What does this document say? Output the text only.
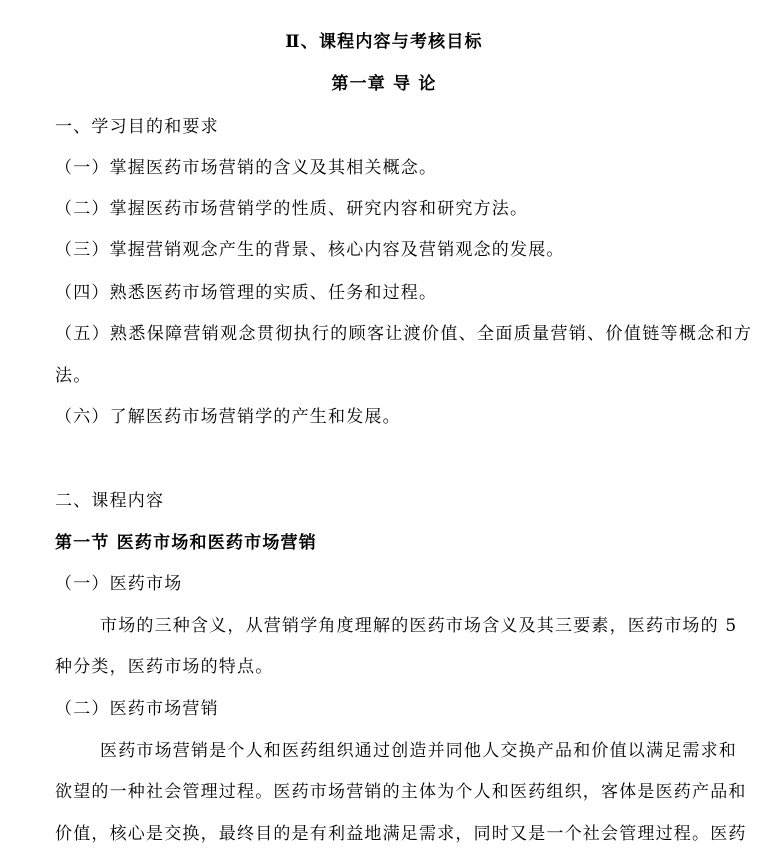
Ⅱ、课程内容与考核目标
第一章 导 论
一、学习目的和要求
（一）掌握医药市场营销的含义及其相关概念。
（二）掌握医药市场营销学的性质、研究内容和研究方法。
（三）掌握营销观念产生的背景、核心内容及营销观念的发展。
（四）熟悉医药市场管理的实质、任务和过程。
（五）熟悉保障营销观念贯彻执行的顾客让渡价值、全面质量营销、价值链等概念和方
法。
（六）了解医药市场营销学的产生和发展。
二、课程内容
第一节 医药市场和医药市场营销
（一）医药市场
市场的三种含义，从营销学角度理解的医药市场含义及其三要素，医药市场的 5
种分类，医药市场的特点。
（二）医药市场营销
医药市场营销是个人和医药组织通过创造并同他人交换产品和价值以满足需求和
欲望的一种社会管理过程。医药市场营销的主体为个人和医药组织，客体是医药产品和
价值，核心是交换，最终目的是有利益地满足需求，同时又是一个社会管理过程。医药
